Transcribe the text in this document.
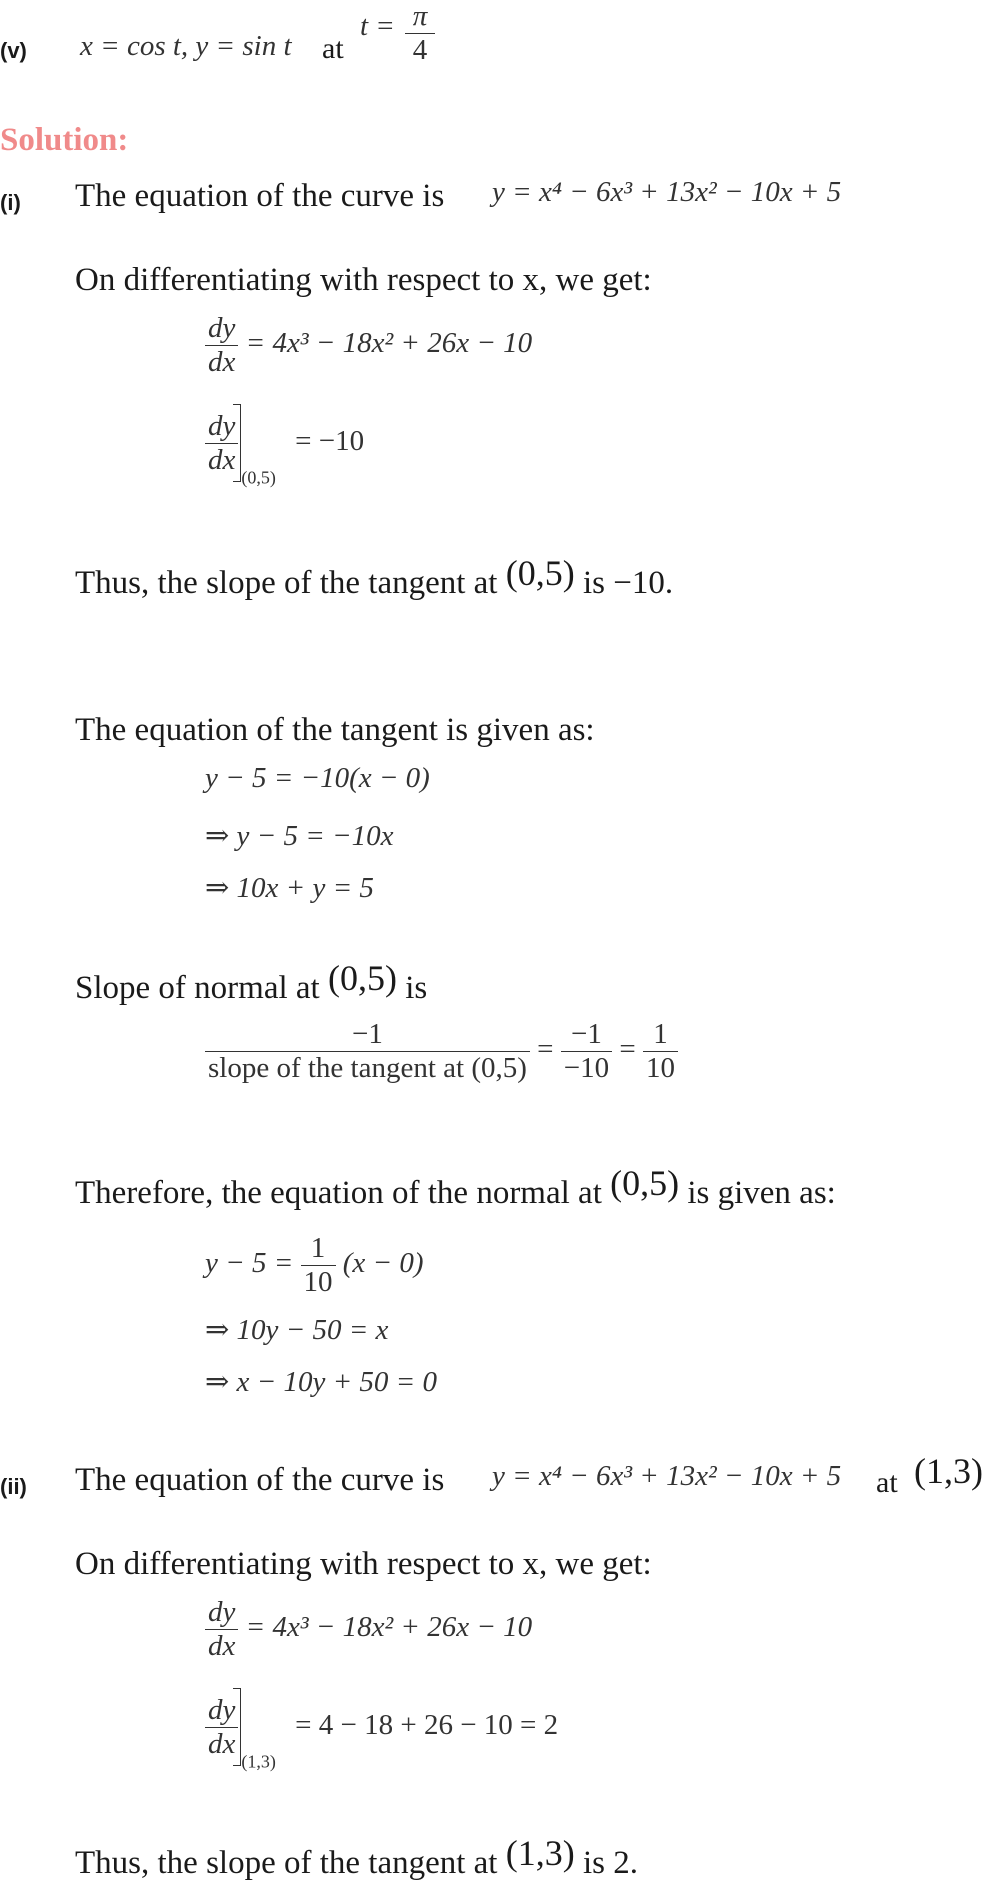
(v) x = cos t, y = sin t at
$t = \frac{\pi}{4}$
Solution:
(i) The equation of the curve is y = x⁴ − 6x³ + 13x² − 10x + 5
On differentiating with respect to x, we get:
$\frac{dy}{dx} = 4x^3 - 18x^2 + 26x - 10$
$\frac{dy}{dx}$
$_{(0,5)}$ = −10
Thus, the slope of the tangent at (0,5) is −10.
The equation of the tangent is given as:
y − 5 = −10(x − 0)
⇒ y − 5 = −10x
⇒ 10x + y = 5
Slope of normal at (0,5) is
$\frac{-1}{\text{slope of the tangent at (0,5)}} = \frac{-1}{-10} = \frac{1}{10}$
Therefore, the equation of the normal at (0,5) is given as:
$y - 5 = \frac{1}{10} (x - 0)$
⇒ 10y − 50 = x
⇒ x − 10y + 50 = 0
(ii) The equation of the curve is y = x⁴ − 6x³ + 13x² − 10x + 5 at (1,3)
On differentiating with respect to x, we get:
$\frac{dy}{dx} = 4x^3 - 18x^2 + 26x - 10$
$\frac{dy}{dx}$
$_{(1,3)}$ = 4 − 18 + 26 − 10 = 2
Thus, the slope of the tangent at (1,3) is 2.
